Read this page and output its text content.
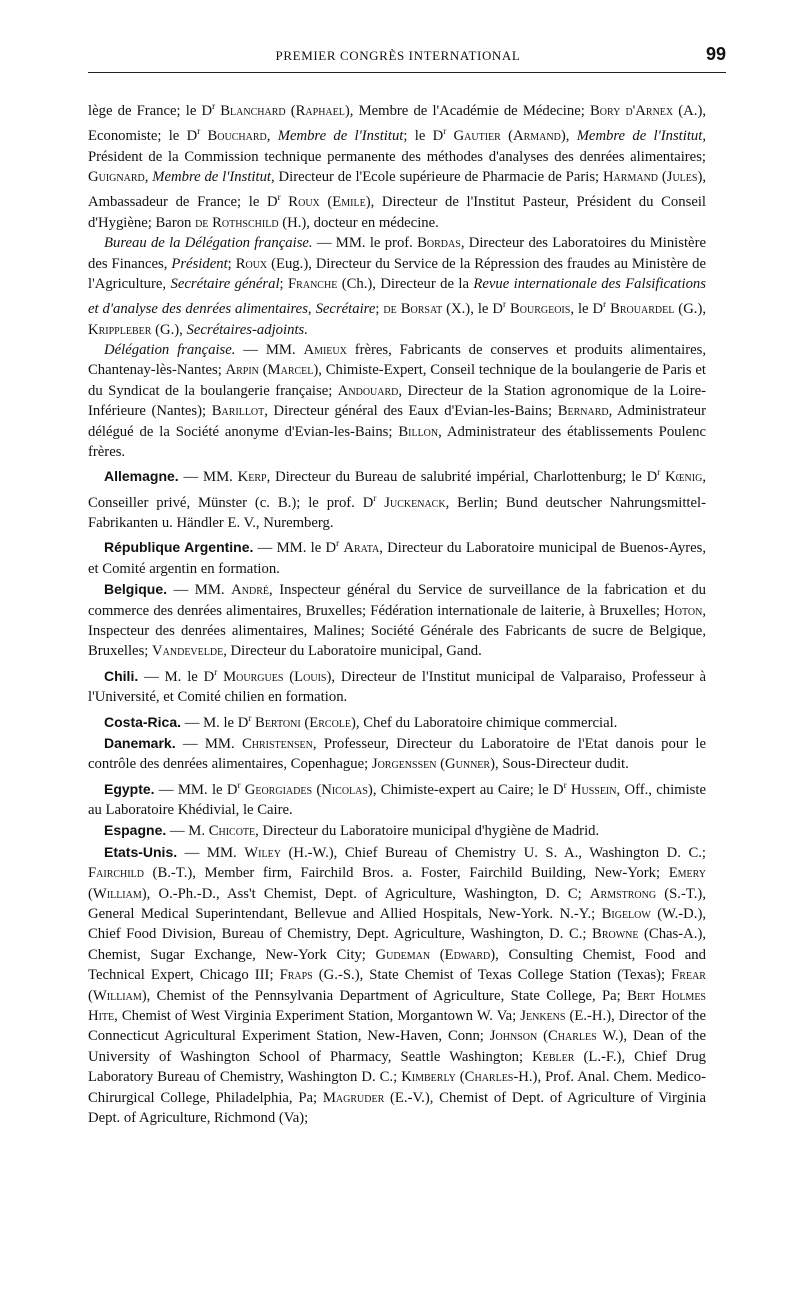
PREMIER CONGRÈS INTERNATIONAL	99

lège de France; le $D^r$ Blanchard (Raphael), Membre de l'Académie de Médecine; Bory d'Arnex (A.), Economiste; le $D^r$ Bouchard, Membre de l'Institut; le $D^r$ Gautier (Armand), Membre de l'Institut, Président de la Commission technique permanente des méthodes d'analyses des denrées alimentaires; Guignard, Membre de l'Institut, Directeur de l'Ecole supérieure de Pharmacie de Paris; Harmand (Jules), Ambassadeur de France; le $D^r$ Roux (Emile), Directeur de l'Institut Pasteur, Président du Conseil d'Hygiène; Baron de Rothschild (H.), docteur en médecine.

Bureau de la Délégation française. — MM. le prof. Bordas, Directeur des Laboratoires du Ministère des Finances, Président; Roux (Eug.), Directeur du Service de la Répression des fraudes au Ministère de l'Agriculture, Secrétaire général; Franche (Ch.), Directeur de la Revue internationale des Falsifications et d'analyse des denrées alimentaires, Secrétaire; de Borsat (X.), le $D^r$ Bourgeois, le $D^r$ Brouardel (G.), Krippleber (G.), Secrétaires-adjoints.

Délégation française. — MM. Amieux frères, Fabricants de conserves et produits alimentaires, Chantenay-lès-Nantes; Arpin (Marcel), Chimiste-Expert, Conseil technique de la boulangerie de Paris et du Syndicat de la boulangerie française; Andouard, Directeur de la Station agronomique de la Loire-Inférieure (Nantes); Barillot, Directeur général des Eaux d'Evian-les-Bains; Bernard, Administrateur délégué de la Société anonyme d'Evian-les-Bains; Billon, Administrateur des établissements Poulenc frères.

Allemagne. — MM. Kerp, Directeur du Bureau de salubrité impérial, Charlottenburg; le $D^r$ Kœnig, Conseiller privé, Münster (c. B.); le prof. $D^r$ Juckenack, Berlin; Bund deutscher Nahrungsmittel-Fabrikanten u. Händler E. V., Nuremberg.

République Argentine. — MM. le $D^r$ Arata, Directeur du Laboratoire municipal de Buenos-Ayres, et Comité argentin en formation.

Belgique. — MM. André, Inspecteur général du Service de surveillance de la fabrication et du commerce des denrées alimentaires, Bruxelles; Fédération internationale de laiterie, à Bruxelles; Hoton, Inspecteur des denrées alimentaires, Malines; Société Générale des Fabricants de sucre de Belgique, Bruxelles; Vandevelde, Directeur du Laboratoire municipal, Gand.

Chili. — M. le $D^r$ Mourgues (Louis), Directeur de l'Institut municipal de Valparaiso, Professeur à l'Université, et Comité chilien en formation.

Costa-Rica. — M. le $D^r$ Bertoni (Ercole), Chef du Laboratoire chimique commercial.

Danemark. — MM. Christensen, Professeur, Directeur du Laboratoire de l'Etat danois pour le contrôle des denrées alimentaires, Copenhague; Jorgenssen (Gunner), Sous-Directeur dudit.

Egypte. — MM. le $D^r$ Georgiades (Nicolas), Chimiste-expert au Caire; le $D^r$ Hussein, Off., chimiste au Laboratoire Khédivial, le Caire.

Espagne. — M. Chicote, Directeur du Laboratoire municipal d'hygiène de Madrid.

Etats-Unis. — MM. Wiley (H.-W.), Chief Bureau of Chemistry U. S. A., Washington D. C.; Fairchild (B.-T.), Member firm, Fairchild Bros. a. Foster, Fairchild Building, New-York; Emery (William), O.-Ph.-D., Ass't Chemist, Dept. of Agriculture, Washington, D. C; Armstrong (S.-T.), General Medical Superintendant, Bellevue and Allied Hospitals, New-York. N.-Y.; Bigelow (W.-D.), Chief Food Division, Bureau of Chemistry, Dept. Agriculture, Washington, D. C.; Browne (Chas-A.), Chemist, Sugar Exchange, New-York City; Gudeman (Edward), Consulting Chemist, Food and Technical Expert, Chicago III; Fraps (G.-S.), State Chemist of Texas College Station (Texas); Frear (William), Chemist of the Pennsylvania Department of Agriculture, State College, Pa; Bert Holmes Hite, Chemist of West Virginia Experiment Station, Morgantown W. Va; Jenkens (E.-H.), Director of the Connecticut Agricultural Experiment Station, New-Haven, Conn; Johnson (Charles W.), Dean of the University of Washington School of Pharmacy, Seattle Washington; Kebler (L.-F.), Chief Drug Laboratory Bureau of Chemistry, Washington D. C.; Kimberly (Charles-H.), Prof. Anal. Chem. Medico-Chirurgical College, Philadelphia, Pa; Magruder (E.-V.), Chemist of Dept. of Agriculture of Virginia Dept. of Agriculture, Richmond (Va);
